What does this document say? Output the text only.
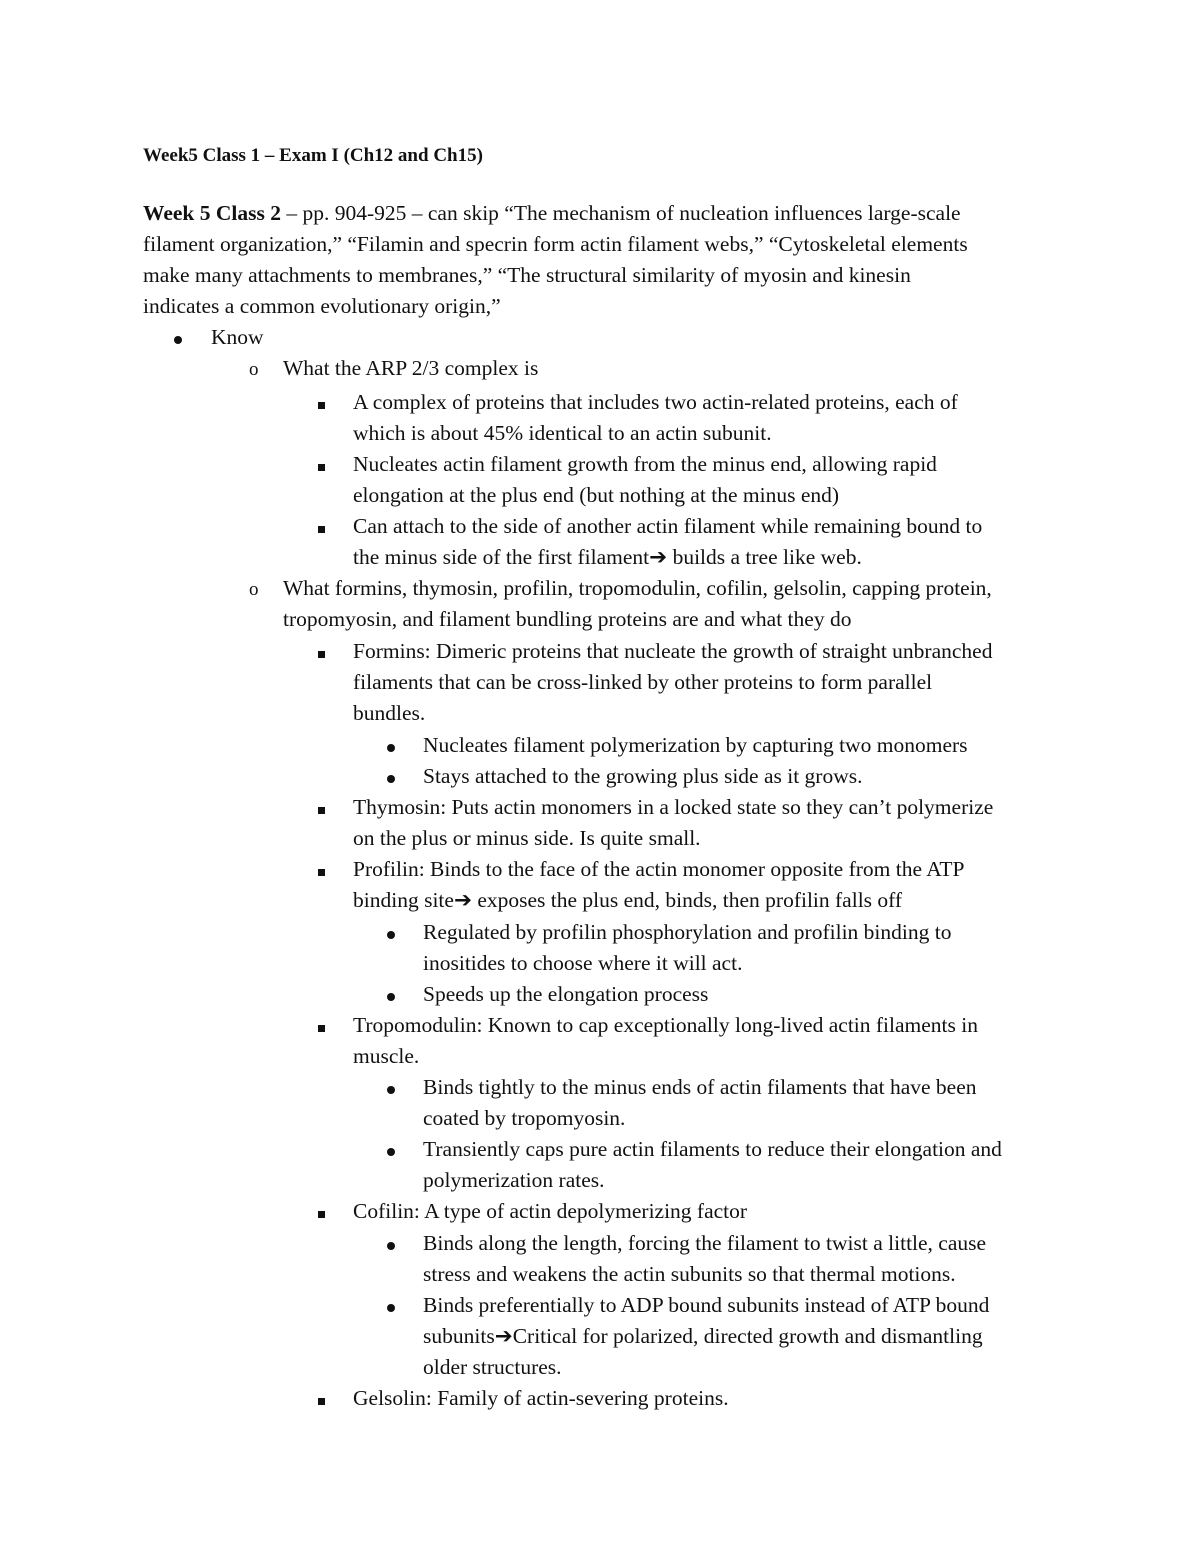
Week5 Class 1 – Exam I (Ch12 and Ch15)
Week 5 Class 2 – pp. 904-925 – can skip “The mechanism of nucleation influences large-scale
filament organization,” “Filamin and specrin form actin filament webs,” “Cytoskeletal elements
make many attachments to membranes,” “The structural similarity of myosin and kinesin
indicates a common evolutionary origin,”
Know
o What the ARP 2/3 complex is
A complex of proteins that includes two actin-related proteins, each of
which is about 45% identical to an actin subunit.
Nucleates actin filament growth from the minus end, allowing rapid
elongation at the plus end (but nothing at the minus end)
Can attach to the side of another actin filament while remaining bound to
the minus side of the first filament➔ builds a tree like web.
o What formins, thymosin, profilin, tropomodulin, cofilin, gelsolin, capping protein,
tropomyosin, and filament bundling proteins are and what they do
Formins: Dimeric proteins that nucleate the growth of straight unbranched
filaments that can be cross-linked by other proteins to form parallel
bundles.
Nucleates filament polymerization by capturing two monomers
Stays attached to the growing plus side as it grows.
Thymosin: Puts actin monomers in a locked state so they can’t polymerize
on the plus or minus side. Is quite small.
Profilin: Binds to the face of the actin monomer opposite from the ATP
binding site➔ exposes the plus end, binds, then profilin falls off
Regulated by profilin phosphorylation and profilin binding to
inositides to choose where it will act.
Speeds up the elongation process
Tropomodulin: Known to cap exceptionally long-lived actin filaments in
muscle.
Binds tightly to the minus ends of actin filaments that have been
coated by tropomyosin.
Transiently caps pure actin filaments to reduce their elongation and
polymerization rates.
Cofilin: A type of actin depolymerizing factor
Binds along the length, forcing the filament to twist a little, cause
stress and weakens the actin subunits so that thermal motions.
Binds preferentially to ADP bound subunits instead of ATP bound
subunits➔Critical for polarized, directed growth and dismantling
older structures.
Gelsolin: Family of actin-severing proteins.
